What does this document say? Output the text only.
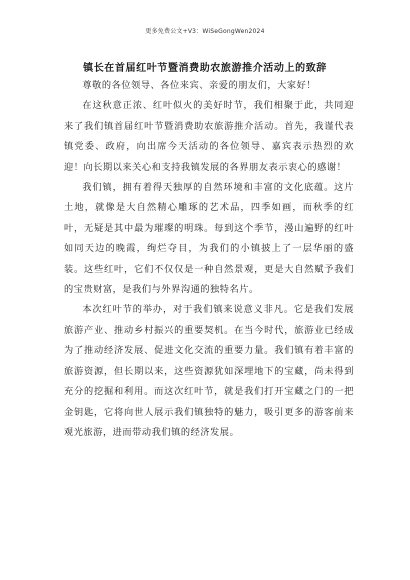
更多免费公文+V3：WiSeGongWen2024
镇长在首届红叶节暨消费助农旅游推介活动上的致辞

尊敬的各位领导、各位来宾、亲爱的朋友们，大家好！

在这秋意正浓、红叶似火的美好时节，我们相聚于此，共同迎来了我们镇首届红叶节暨消费助农旅游推介活动。首先，我谨代表镇党委、政府，向出席今天活动的各位领导、嘉宾表示热烈的欢迎！向长期以来关心和支持我镇发展的各界朋友表示衷心的感谢！

我们镇，拥有着得天独厚的自然环境和丰富的文化底蕴。这片土地，就像是大自然精心雕琢的艺术品，四季如画，而秋季的红叶，无疑是其中最为璀璨的明珠。每到这个季节，漫山遍野的红叶如同天边的晚霞，绚烂夺目，为我们的小镇披上了一层华丽的盛装。这些红叶，它们不仅仅是一种自然景观，更是大自然赋予我们的宝贵财富，是我们与外界沟通的独特名片。

本次红叶节的举办，对于我们镇来说意义非凡。它是我们发展旅游产业、推动乡村振兴的重要契机。在当今时代，旅游业已经成为了推动经济发展、促进文化交流的重要力量。我们镇有着丰富的旅游资源，但长期以来，这些资源犹如深埋地下的宝藏，尚未得到充分的挖掘和利用。而这次红叶节，就是我们打开宝藏之门的一把金钥匙，它将向世人展示我们镇独特的魅力，吸引更多的游客前来观光旅游，进而带动我们镇的经济发展。
